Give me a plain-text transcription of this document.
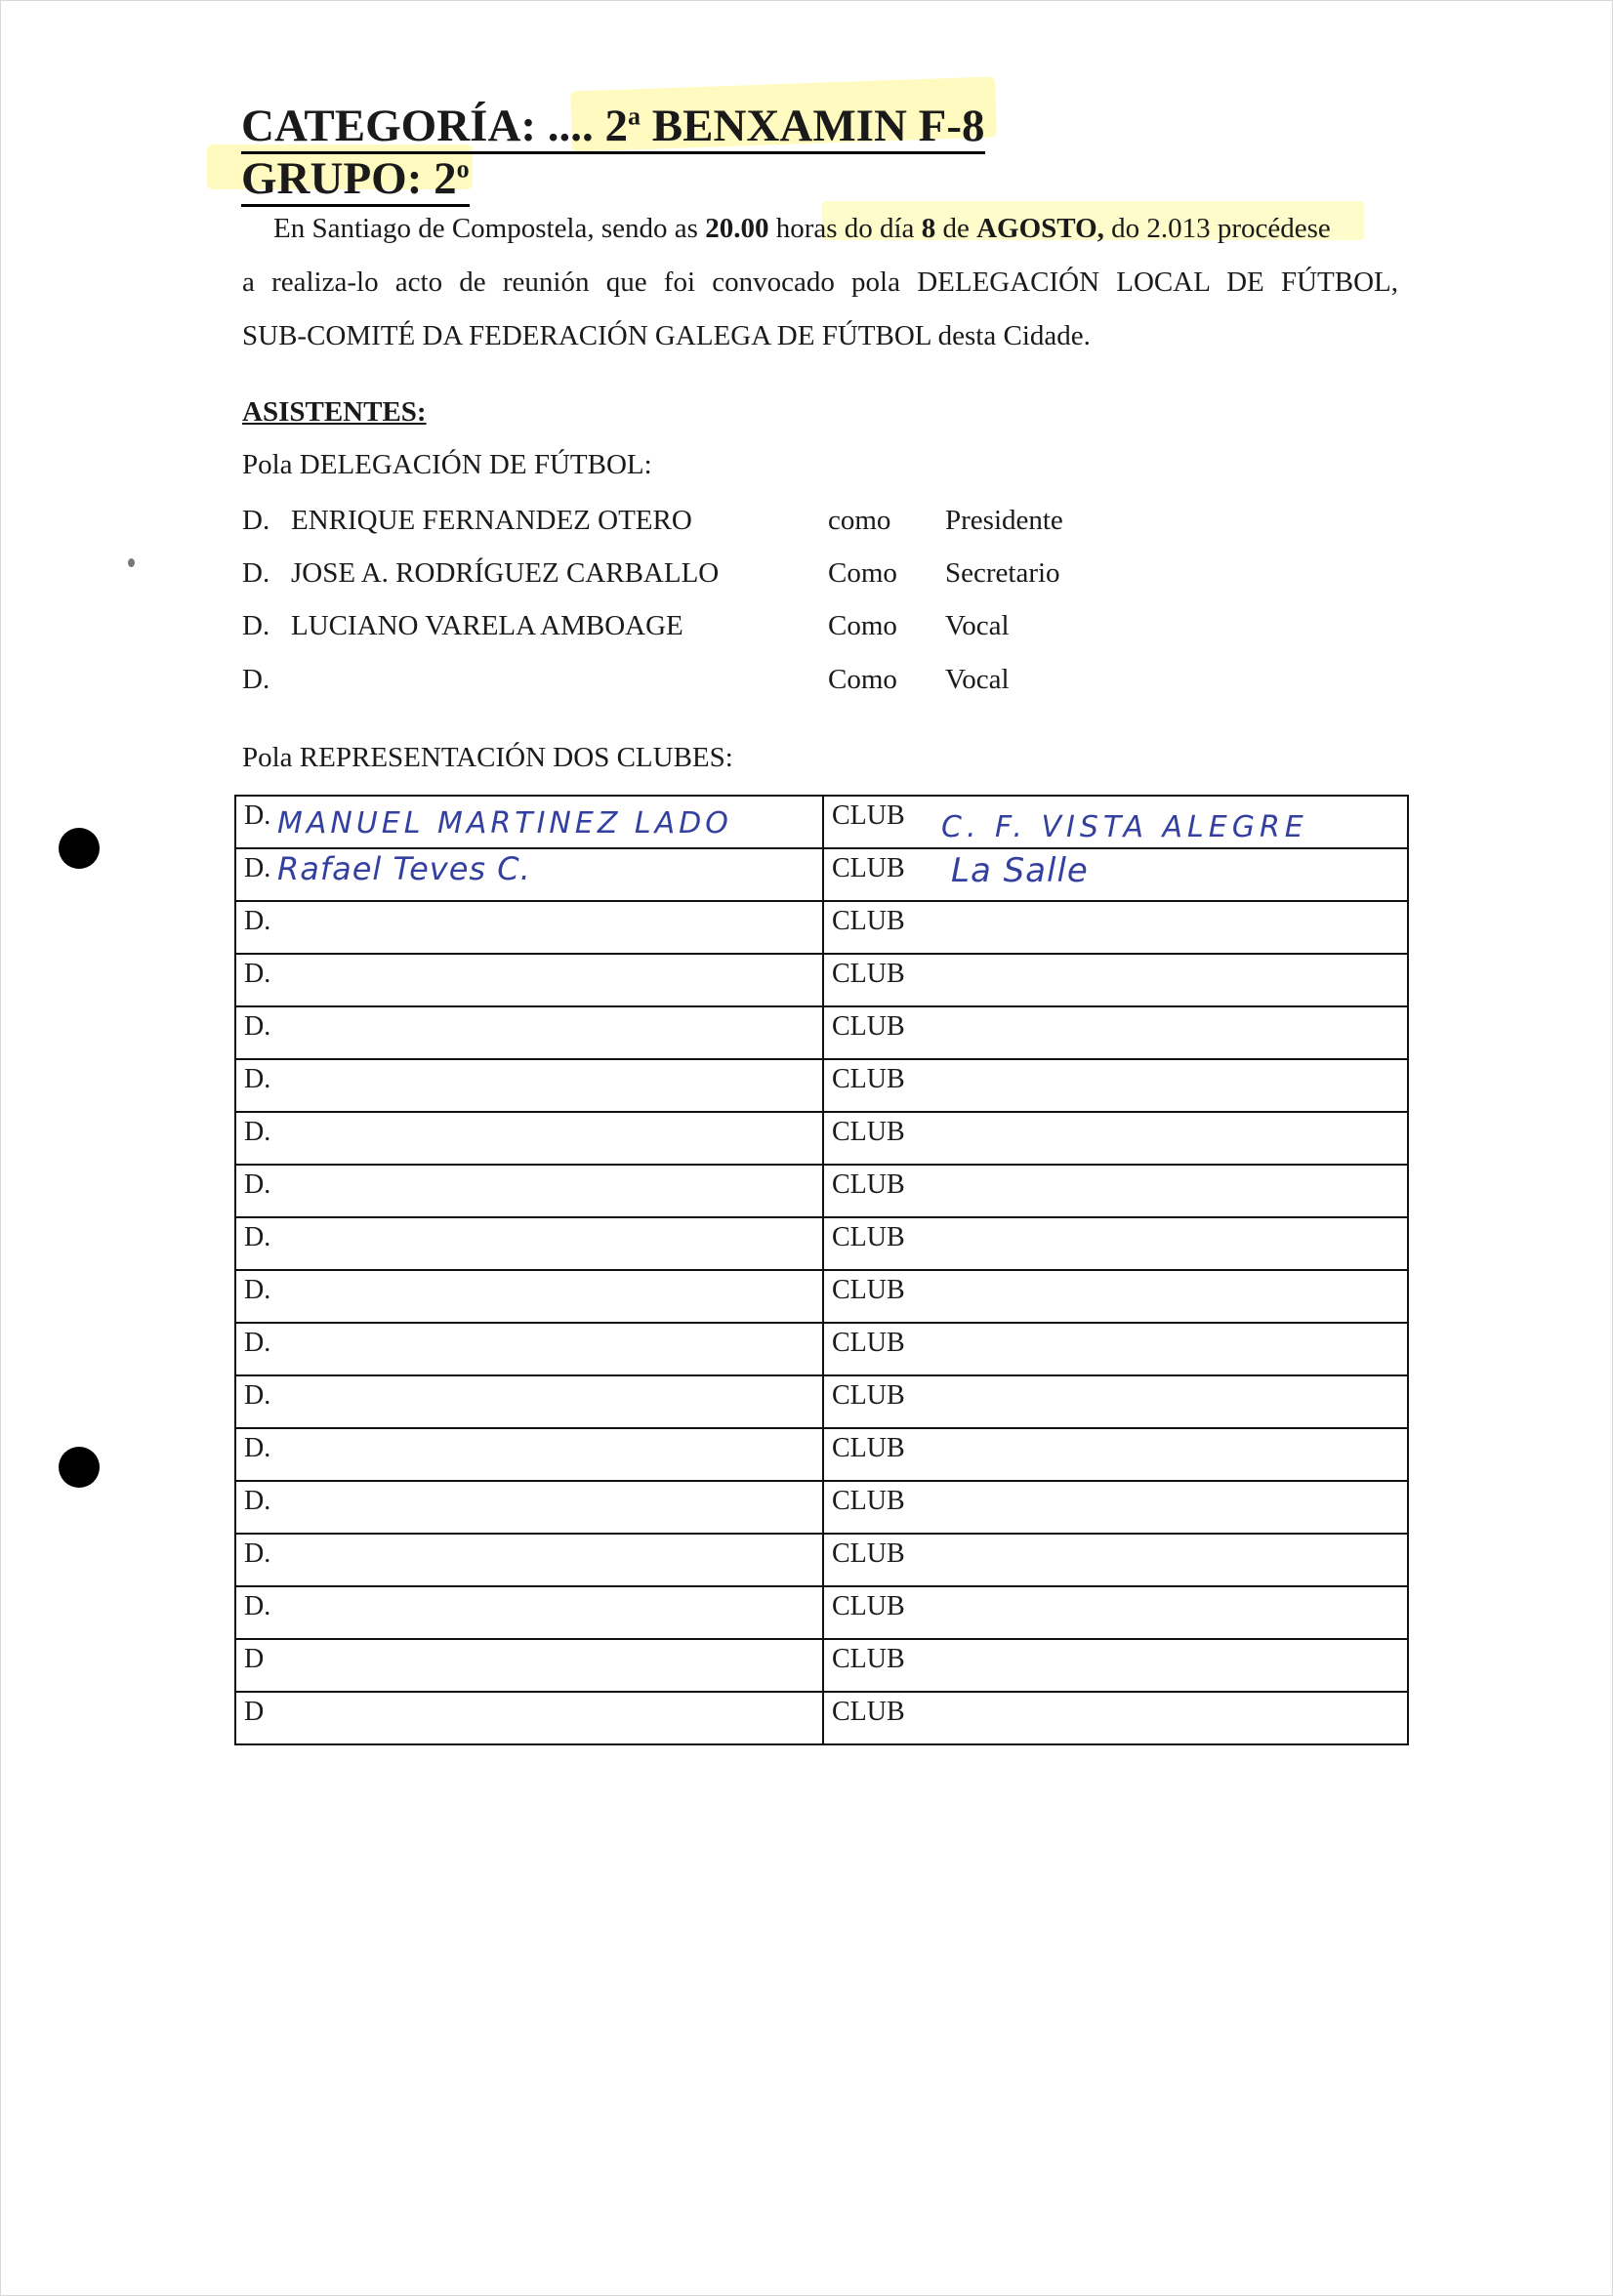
CATEGORÍA: .... 2$^a$ BENXAMIN F-8
GRUPO: 2$^o$
En Santiago de Compostela, sendo as 20.00 horas do día 8 de AGOSTO, do 2.013 procédese
a realiza-lo acto de reunión que foi convocado pola DELEGACIÓN LOCAL DE FÚTBOL,
SUB-COMITÉ DA FEDERACIÓN GALEGA DE FÚTBOL desta Cidade.
ASISTENTES:
Pola DELEGACIÓN DE FÚTBOL:
D. ENRIQUE FERNANDEZ OTERO	como Presidente
D. JOSE A. RODRÍGUEZ CARBALLO	Como Secretario
D. LUCIANO VARELA AMBOAGE	Como Vocal
D.	Como Vocal
Pola REPRESENTACIÓN DOS CLUBES:
D. MANUEL MARTINEZ LADO	CLUB C. F. VISTA ALEGRE

D. Rafael Teves C.	CLUB La Salle

D.	CLUB
D.	CLUB
D.	CLUB
D.	CLUB
D.	CLUB
D.	CLUB
D.	CLUB
D.	CLUB
D.	CLUB
D.	CLUB
D.	CLUB
D.	CLUB
D.	CLUB
D.	CLUB
D	CLUB
D	CLUB
